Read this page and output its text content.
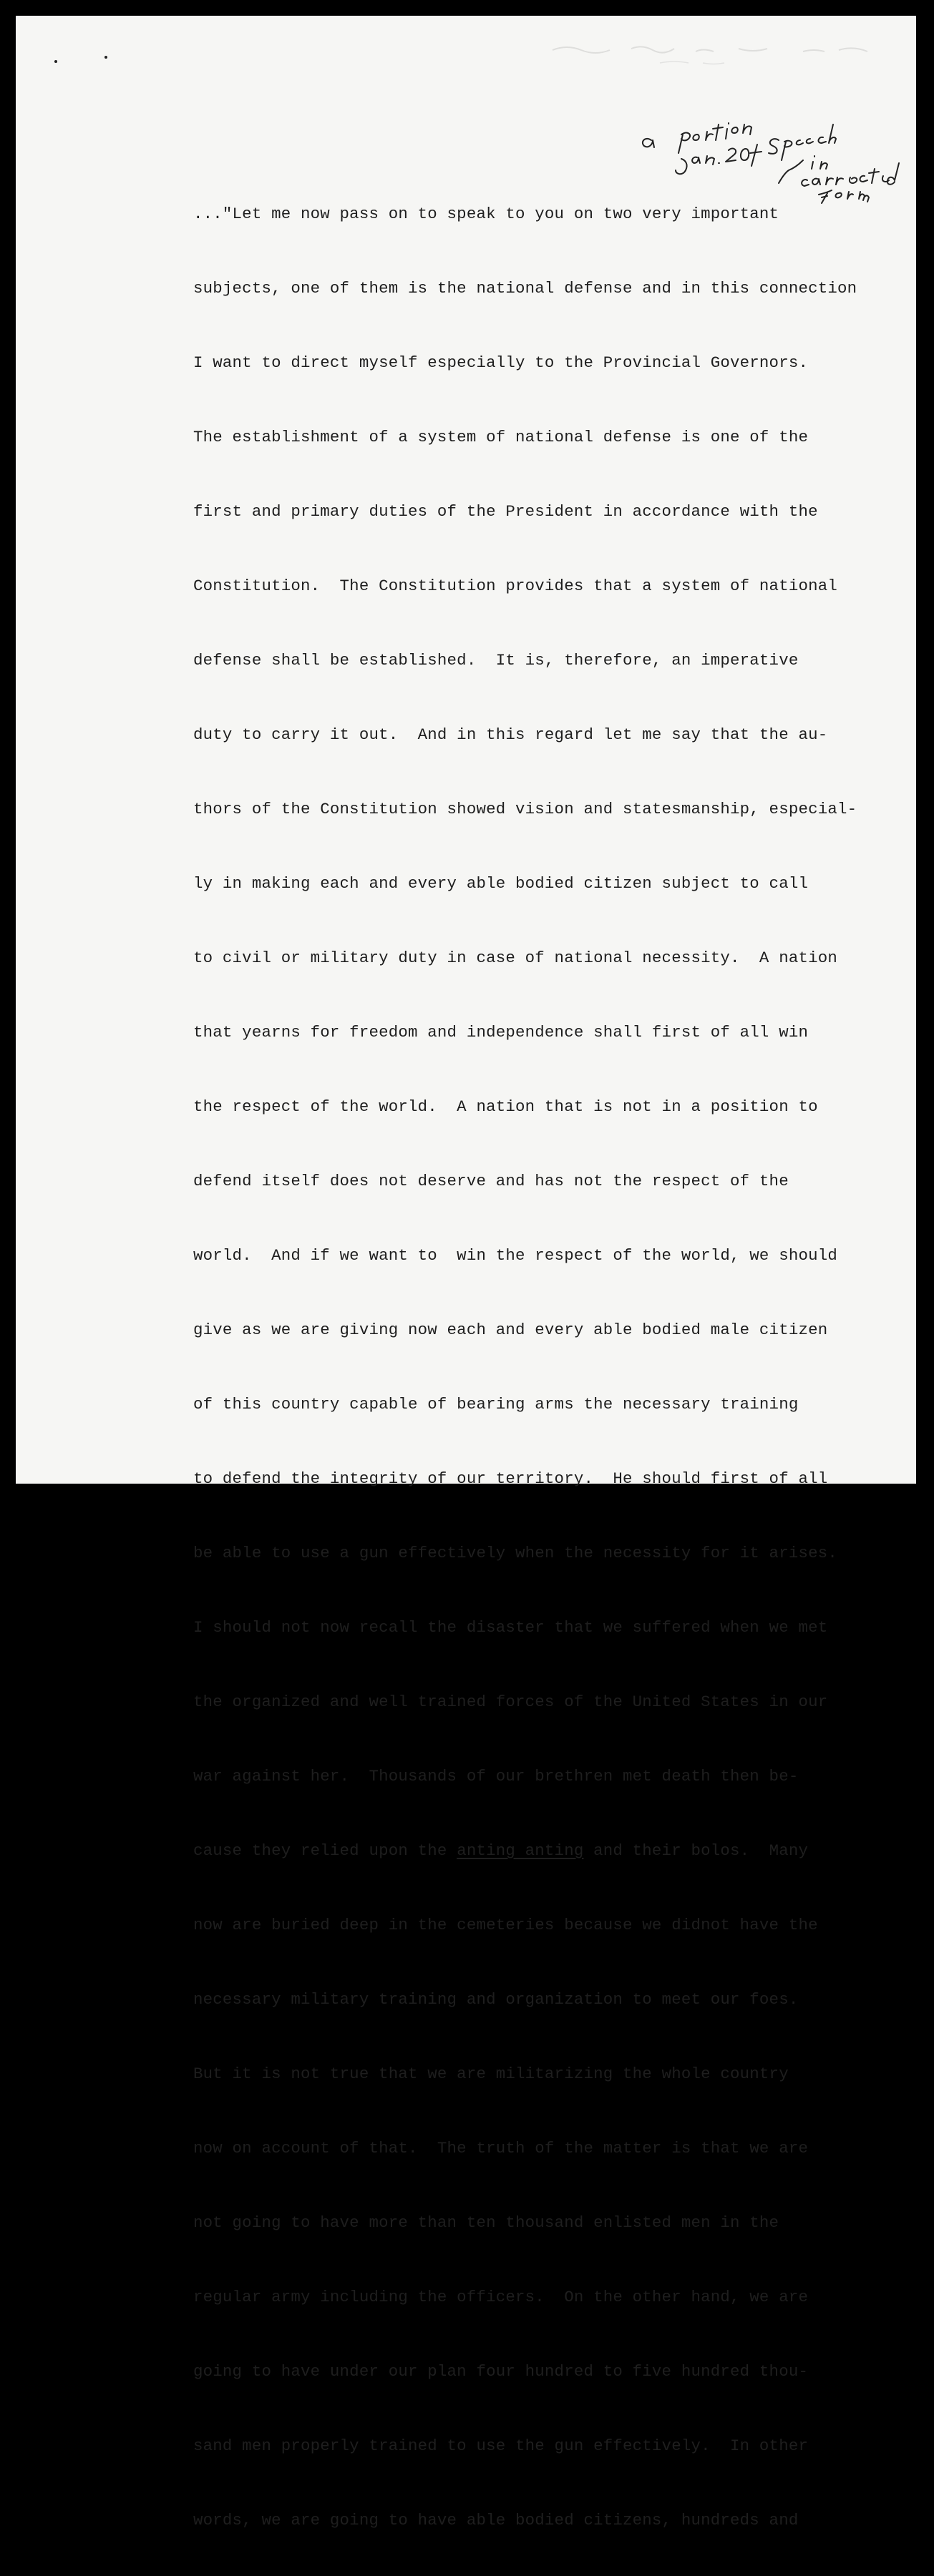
..."Let me now pass on to speak to you on two very important

subjects, one of them is the national defense and in this connection

I want to direct myself especially to the Provincial Governors.

The establishment of a system of national defense is one of the

first and primary duties of the President in accordance with the

Constitution.  The Constitution provides that a system of national

defense shall be established.  It is, therefore, an imperative

duty to carry it out.  And in this regard let me say that the au-

thors of the Constitution showed vision and statesmanship, especial-

ly in making each and every able bodied citizen subject to call

to civil or military duty in case of national necessity.  A nation

that yearns for freedom and independence shall first of all win

the respect of the world.  A nation that is not in a position to

defend itself does not deserve and has not the respect of the

world.  And if we want to  win the respect of the world, we should

give as we are giving now each and every able bodied male citizen

of this country capable of bearing arms the necessary training

to defend the integrity of our territory.  He should first of all

be able to use a gun effectively when the necessity for it arises.

I should not now recall the disaster that we suffered when we met

the organized and well trained forces of the United States in our

war against her.  Thousands of our brethren met death then be-

cause they relied upon the anting anting and their bolos.  Many

now are buried deep in the cemeteries because we didnot have the

necessary military training and organization to meet our foes.

But it is not true that we are militarizing the whole country

now on account of that.  The truth of the matter is that we are

not going to have more than ten thousand enlisted men in the

regular army including the officers.  On the other hand, we are

going to have under our plan four hundred to five hundred thou-

sand men properly trained to use the gun effectively.  In other

words, we are going to have able bodied citizens, hundreds and
